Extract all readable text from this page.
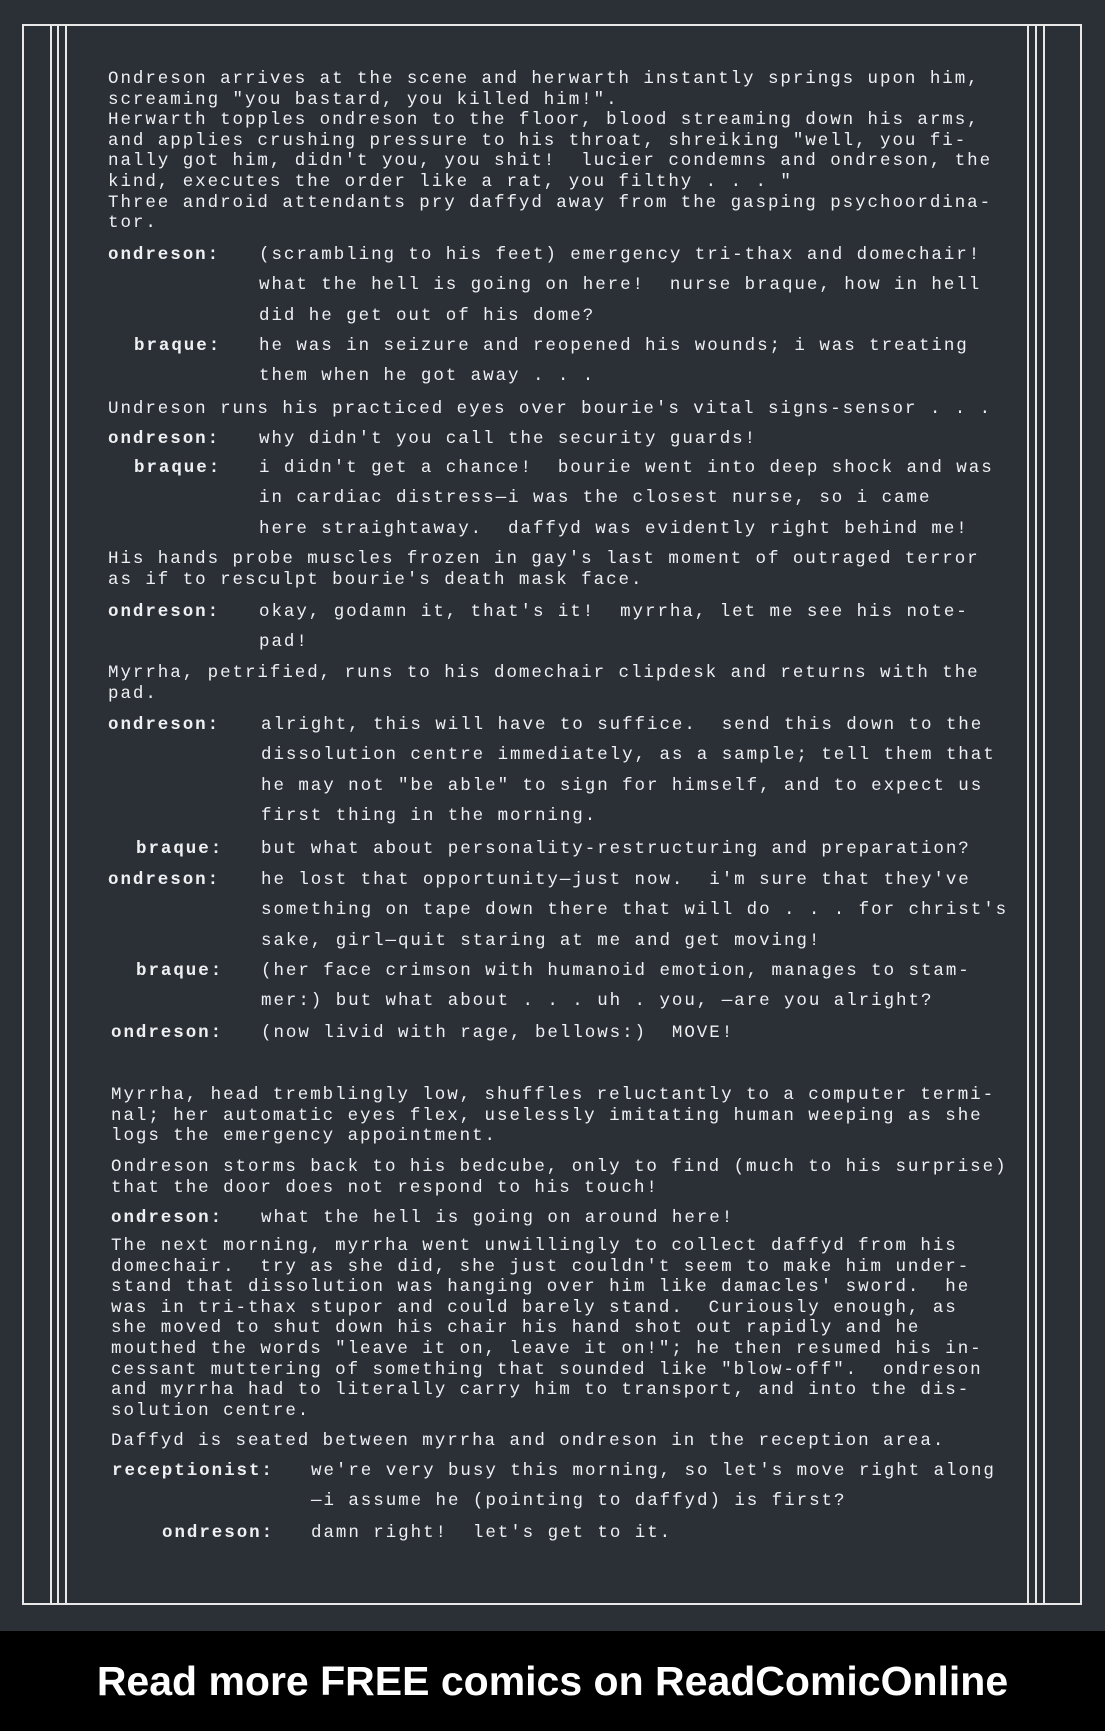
Ondreson arrives at the scene and herwarth instantly springs upon him,
screaming "you bastard, you killed him!".
Herwarth topples ondreson to the floor, blood streaming down his arms,
and applies crushing pressure to his throat, shreiking "well, you fi-
nally got him, didn't you, you shit!  lucier condemns and ondreson, the
kind, executes the order like a rat, you filthy . . . "
Three android attendants pry daffyd away from the gasping psychoordina-
tor.
ondreson: (scrambling to his feet) emergency tri-thax and domechair!
what the hell is going on here!  nurse braque, how in hell
did he get out of his dome?
braque: he was in seizure and reopened his wounds; i was treating
them when he got away . . .
Undreson runs his practiced eyes over bourie's vital signs-sensor . . .
ondreson: why didn't you call the security guards!
braque: i didn't get a chance!  bourie went into deep shock and was
in cardiac distress—i was the closest nurse, so i came
here straightaway.  daffyd was evidently right behind me!
His hands probe muscles frozen in gay's last moment of outraged terror
as if to resculpt bourie's death mask face.
ondreson: okay, godamn it, that's it!  myrrha, let me see his note-
pad!
Myrrha, petrified, runs to his domechair clipdesk and returns with the
pad.
ondreson: alright, this will have to suffice.  send this down to the
dissolution centre immediately, as a sample; tell them that
he may not "be able" to sign for himself, and to expect us
first thing in the morning.
braque: but what about personality-restructuring and preparation?
ondreson: he lost that opportunity—just now.  i'm sure that they've
something on tape down there that will do . . . for christ's
sake, girl—quit staring at me and get moving!
braque: (her face crimson with humanoid emotion, manages to stam-
mer:) but what about . . . uh . you, —are you alright?
ondreson: (now livid with rage, bellows:)  MOVE!
Myrrha, head tremblingly low, shuffles reluctantly to a computer termi-
nal; her automatic eyes flex, uselessly imitating human weeping as she
logs the emergency appointment.
Ondreson storms back to his bedcube, only to find (much to his surprise)
that the door does not respond to his touch!
ondreson: what the hell is going on around here!
The next morning, myrrha went unwillingly to collect daffyd from his
domechair.  try as she did, she just couldn't seem to make him under-
stand that dissolution was hanging over him like damacles' sword.  he
was in tri-thax stupor and could barely stand.  Curiously enough, as
she moved to shut down his chair his hand shot out rapidly and he
mouthed the words "leave it on, leave it on!"; he then resumed his in-
cessant muttering of something that sounded like "blow-off".  ondreson
and myrrha had to literally carry him to transport, and into the dis-
solution centre.
Daffyd is seated between myrrha and ondreson in the reception area.
receptionist: we're very busy this morning, so let's move right along
—i assume he (pointing to daffyd) is first?
ondreson: damn right!  let's get to it.
Read more FREE comics on ReadComicOnline
